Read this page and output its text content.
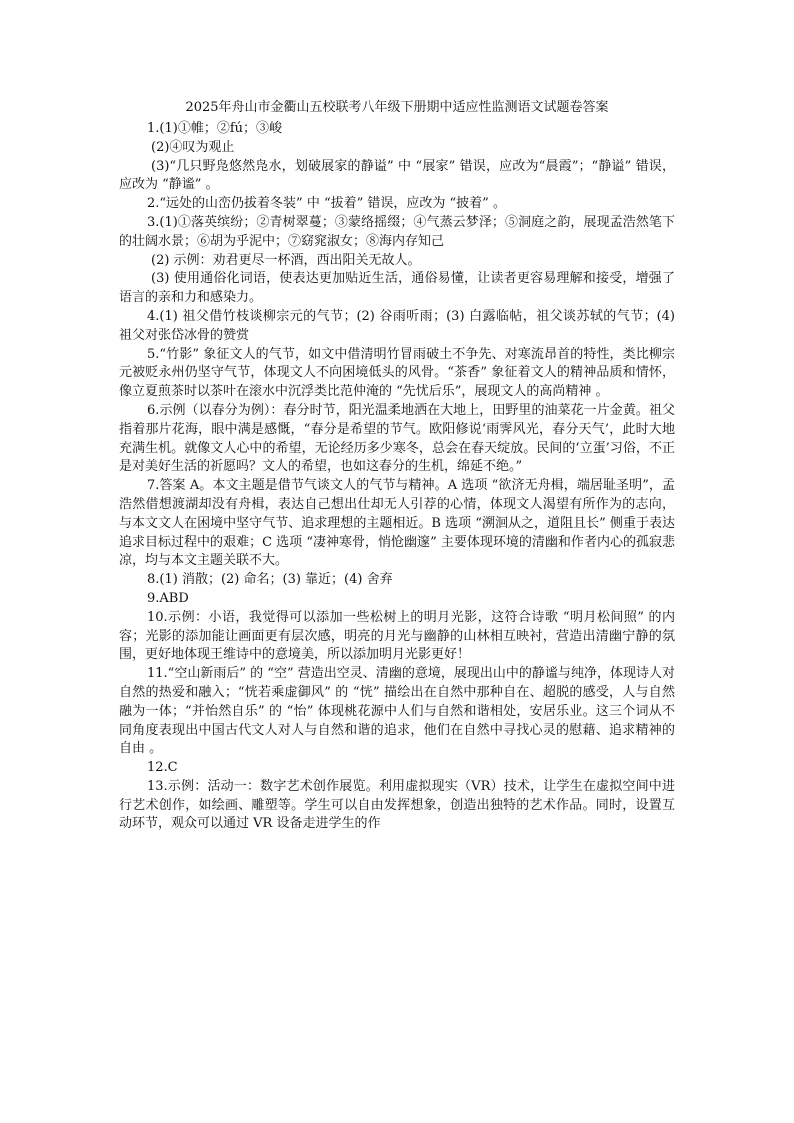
2025年舟山市金衢山五校联考八年级下册期中适应性监测语文试题卷答案

1.(1)①帷；②fú；③峻

(2)④叹为观止

(3)“几只野凫悠然凫水，划破展家的静谥” 中 “展家” 错误，应改为“晨霞”；“静谥” 错误，应改为 “静谧” 。

2.“远处的山峦仍拔着冬装” 中 “拔着” 错误，应改为 “披着” 。

3.(1)①落英缤纷；②青树翠蔓；③蒙络摇缀；④气蒸云梦泽；⑤洞庭之韵，展现孟浩然笔下的壮阔水景；⑥胡为乎泥中；⑦窈窕淑女；⑧海内存知己

(2) 示例：劝君更尽一杯酒，西出阳关无故人。

(3) 使用通俗化词语，使表达更加贴近生活，通俗易懂，让读者更容易理解和接受，增强了语言的亲和力和感染力。

4.(1) 祖父借竹枝谈柳宗元的气节；(2) 谷雨听雨；(3) 白露临帖，祖父谈苏轼的气节；(4) 祖父对张岱冰骨的赞赏

5.“竹影” 象征文人的气节，如文中借清明竹冒雨破土不争先、对寒流昂首的特性，类比柳宗元被贬永州仍坚守气节，体现文人不向困境低头的风骨。“茶香” 象征着文人的精神品质和情怀，像立夏煎茶时以茶叶在滚水中沉浮类比范仲淹的 “先忧后乐”，展现文人的高尚精神 。

6.示例（以春分为例）：春分时节，阳光温柔地洒在大地上，田野里的油菜花一片金黄。祖父指着那片花海，眼中满是感慨，“春分是希望的节气。欧阳修说‘雨霁风光，春分天气’，此时大地充满生机。就像文人心中的希望，无论经历多少寒冬，总会在春天绽放。民间的‘立蛋’习俗，不正是对美好生活的祈愿吗？文人的希望，也如这春分的生机，绵延不绝。”

7.答案 A。本文主题是借节气谈文人的气节与精神。A 选项 “欲济无舟楫，端居耻圣明”，孟浩然借想渡湖却没有舟楫，表达自己想出仕却无人引荐的心情，体现文人渴望有所作为的志向，与本文文人在困境中坚守气节、追求理想的主题相近。B 选项 “溯洄从之，道阻且长” 侧重于表达追求目标过程中的艰难；C 选项 “凄神寒骨，悄怆幽邃” 主要体现环境的清幽和作者内心的孤寂悲凉，均与本文主题关联不大。

8.(1) 消散；(2) 命名；(3) 靠近；(4) 舍弃

9.ABD

10.示例：小语，我觉得可以添加一些松树上的明月光影，这符合诗歌 “明月松间照” 的内容；光影的添加能让画面更有层次感，明亮的月光与幽静的山林相互映衬，营造出清幽宁静的氛围，更好地体现王维诗中的意境美，所以添加明月光影更好！

11.“空山新雨后” 的 “空” 营造出空灵、清幽的意境，展现出山中的静谧与纯净，体现诗人对自然的热爱和融入；“恍若乘虚御风” 的 “恍” 描绘出在自然中那种自在、超脱的感受，人与自然融为一体；“并怡然自乐” 的 “怡” 体现桃花源中人们与自然和谐相处，安居乐业。这三个词从不同角度表现出中国古代文人对人与自然和谐的追求，他们在自然中寻找心灵的慰藉、追求精神的自由 。

12.C

13.示例：活动一：数字艺术创作展览。利用虚拟现实（VR）技术，让学生在虚拟空间中进行艺术创作，如绘画、雕塑等。学生可以自由发挥想象，创造出独特的艺术作品。同时，设置互动环节，观众可以通过 VR 设备走进学生的作
